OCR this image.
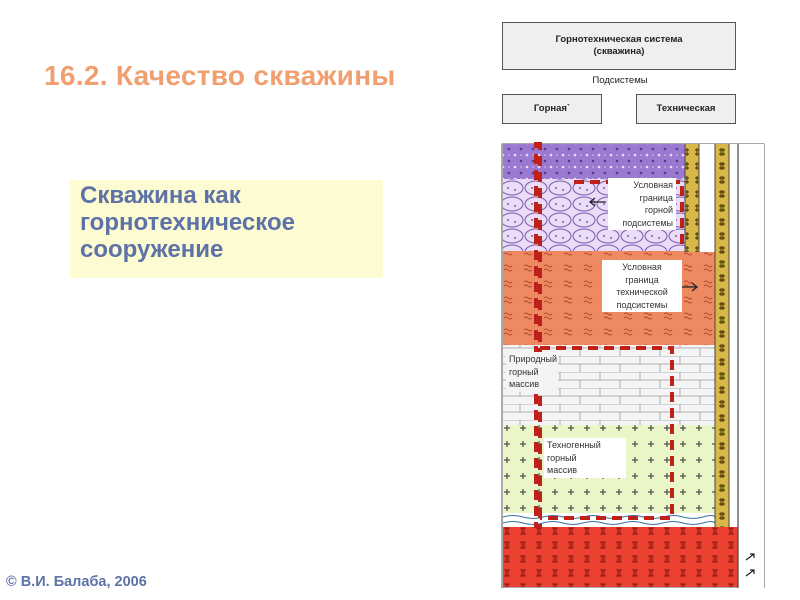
16.2. Качество скважины
Скважина как
горнотехническое
сооружение
© В.И. Балаба, 2006
Горнотехническая система
(скважина)
Подсистемы
Горная`	Техническая
Условная
граница
горной
подсистемы
Условная
граница
технической
подсистемы
Природный
горный
массив
Техногенный
горный
массив
